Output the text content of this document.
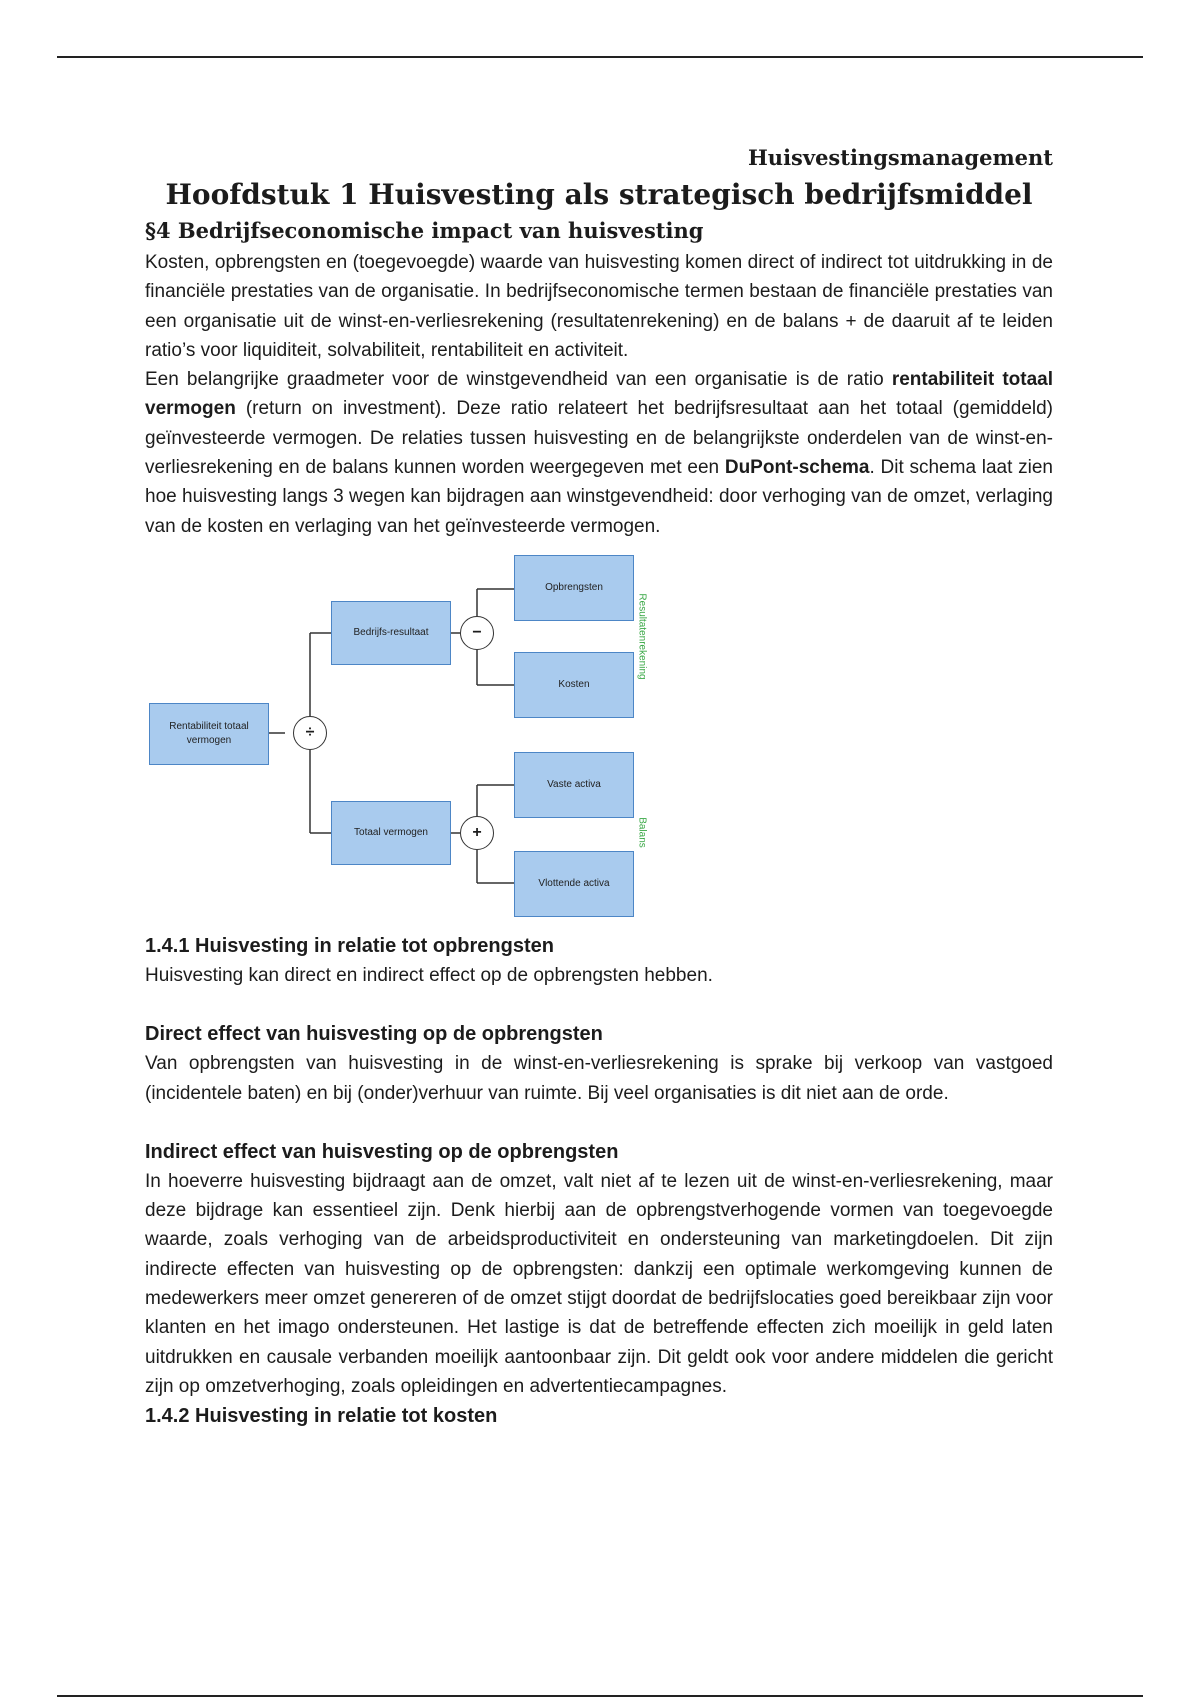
Huisvestingsmanagement
Hoofdstuk 1 Huisvesting als strategisch bedrijfsmiddel
§4 Bedrijfseconomische impact van huisvesting

Kosten, opbrengsten en (toegevoegde) waarde van huisvesting komen direct of indirect tot uitdrukking in de financiële prestaties van de organisatie. In bedrijfseconomische termen bestaan de financiële prestaties van een organisatie uit de winst-en-verliesrekening (resultatenrekening) en de balans + de daaruit af te leiden ratio’s voor liquiditeit, solvabiliteit, rentabiliteit en activiteit.

Een belangrijke graadmeter voor de winstgevendheid van een organisatie is de ratio rentabiliteit totaal vermogen (return on investment). Deze ratio relateert het bedrijfsresultaat aan het totaal (gemiddeld) geïnvesteerde vermogen. De relaties tussen huisvesting en de belangrijkste onderdelen van de winst-en-verliesrekening en de balans kunnen worden weergegeven met een DuPont-schema. Dit schema laat zien hoe huisvesting langs 3 wegen kan bijdragen aan winstgevendheid: door verhoging van de omzet, verlaging van de kosten en verlaging van het geïnvesteerde vermogen.

Rentabiliteit totaal vermogen	÷
Bedrijfs-resultaat	−
Totaal vermogen	+
Opbrengsten
Kosten
Vaste activa
Vlottende activa
Resultatenrekening
Balans
1.4.1 Huisvesting in relatie tot opbrengsten

Huisvesting kan direct en indirect effect op de opbrengsten hebben.

Direct effect van huisvesting op de opbrengsten

Van opbrengsten van huisvesting in de winst-en-verliesrekening is sprake bij verkoop van vastgoed (incidentele baten) en bij (onder)verhuur van ruimte. Bij veel organisaties is dit niet aan de orde.

Indirect effect van huisvesting op de opbrengsten

In hoeverre huisvesting bijdraagt aan de omzet, valt niet af te lezen uit de winst-en-verliesrekening, maar deze bijdrage kan essentieel zijn. Denk hierbij aan de opbrengstverhogende vormen van toegevoegde waarde, zoals verhoging van de arbeidsproductiviteit en ondersteuning van marketingdoelen. Dit zijn indirecte effecten van huisvesting op de opbrengsten: dankzij een optimale werkomgeving kunnen de medewerkers meer omzet genereren of de omzet stijgt doordat de bedrijfslocaties goed bereikbaar zijn voor klanten en het imago ondersteunen. Het lastige is dat de betreffende effecten zich moeilijk in geld laten uitdrukken en causale verbanden moeilijk aantoonbaar zijn. Dit geldt ook voor andere middelen die gericht zijn op omzetverhoging, zoals opleidingen en advertentiecampagnes.

1.4.2 Huisvesting in relatie tot kosten
